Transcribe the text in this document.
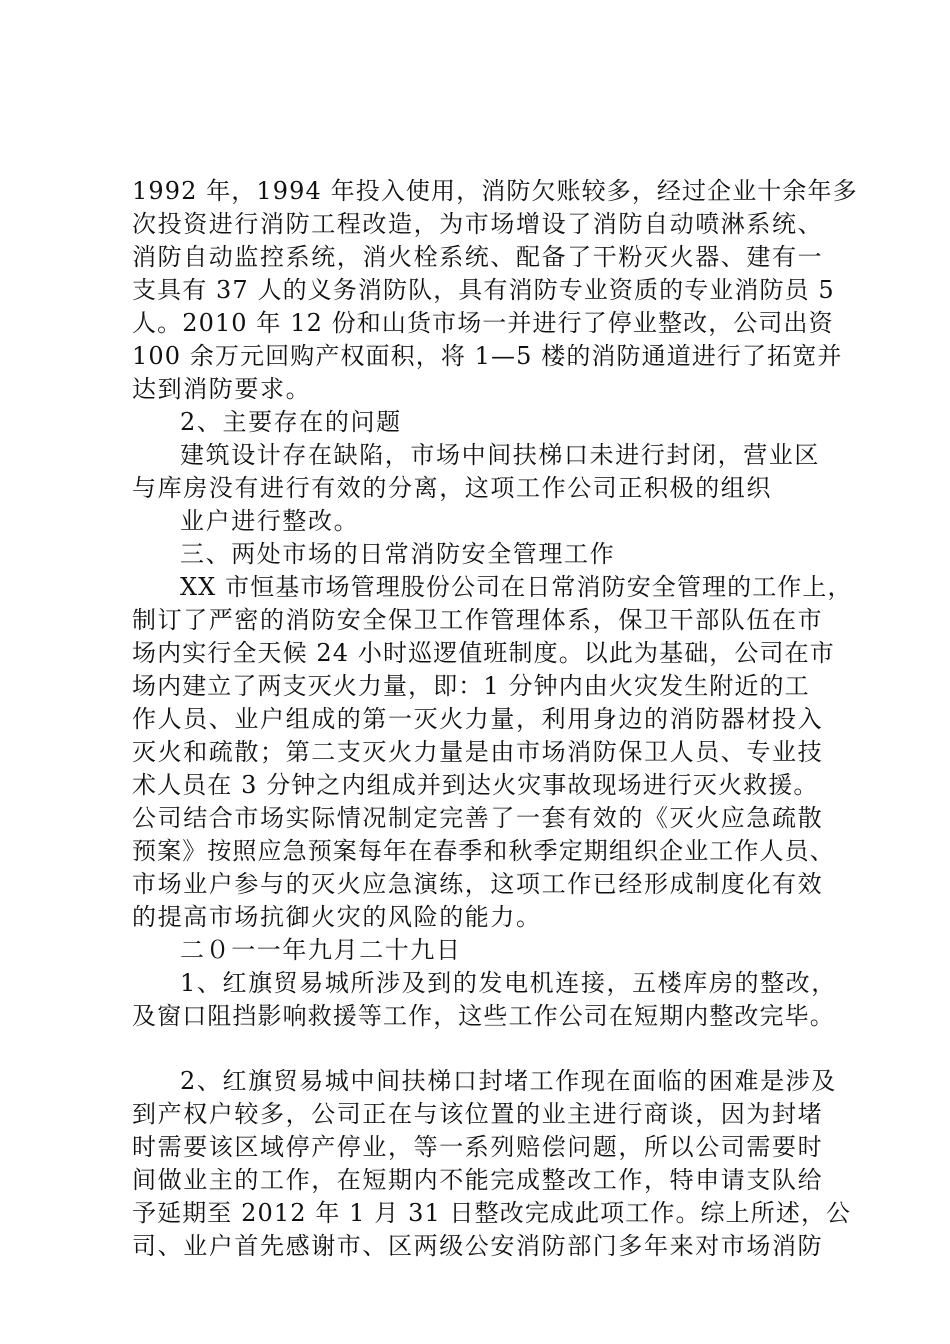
1992 年，1994 年投入使用，消防欠账较多，经过企业十余年多
次投资进行消防工程改造，为市场增设了消防自动喷淋系统、
消防自动监控系统，消火栓系统、配备了干粉灭火器、建有一
支具有 37 人的义务消防队，具有消防专业资质的专业消防员 5
人。2010 年 12 份和山货市场一并进行了停业整改，公司出资
100 余万元回购产权面积，将 1—5 楼的消防通道进行了拓宽并
达到消防要求。
2、主要存在的问题
建筑设计存在缺陷，市场中间扶梯口未进行封闭，营业区
与库房没有进行有效的分离，这项工作公司正积极的组织
业户进行整改。
三、两处市场的日常消防安全管理工作
XX 市恒基市场管理股份公司在日常消防安全管理的工作上，
制订了严密的消防安全保卫工作管理体系，保卫干部队伍在市
场内实行全天候 24 小时巡逻值班制度。以此为基础，公司在市
场内建立了两支灭火力量，即：1 分钟内由火灾发生附近的工
作人员、业户组成的第一灭火力量，利用身边的消防器材投入
灭火和疏散；第二支灭火力量是由市场消防保卫人员、专业技
术人员在 3 分钟之内组成并到达火灾事故现场进行灭火救援。
公司结合市场实际情况制定完善了一套有效的《灭火应急疏散
预案》按照应急预案每年在春季和秋季定期组织企业工作人员、
市场业户参与的灭火应急演练，这项工作已经形成制度化有效
的提高市场抗御火灾的风险的能力。
二０一一年九月二十九日
1、红旗贸易城所涉及到的发电机连接，五楼库房的整改，
及窗口阻挡影响救援等工作，这些工作公司在短期内整改完毕。
2、红旗贸易城中间扶梯口封堵工作现在面临的困难是涉及
到产权户较多，公司正在与该位置的业主进行商谈，因为封堵
时需要该区域停产停业，等一系列赔偿问题，所以公司需要时
间做业主的工作，在短期内不能完成整改工作，特申请支队给
予延期至 2012 年 1 月 31 日整改完成此项工作。综上所述，公
司、业户首先感谢市、区两级公安消防部门多年来对市场消防
